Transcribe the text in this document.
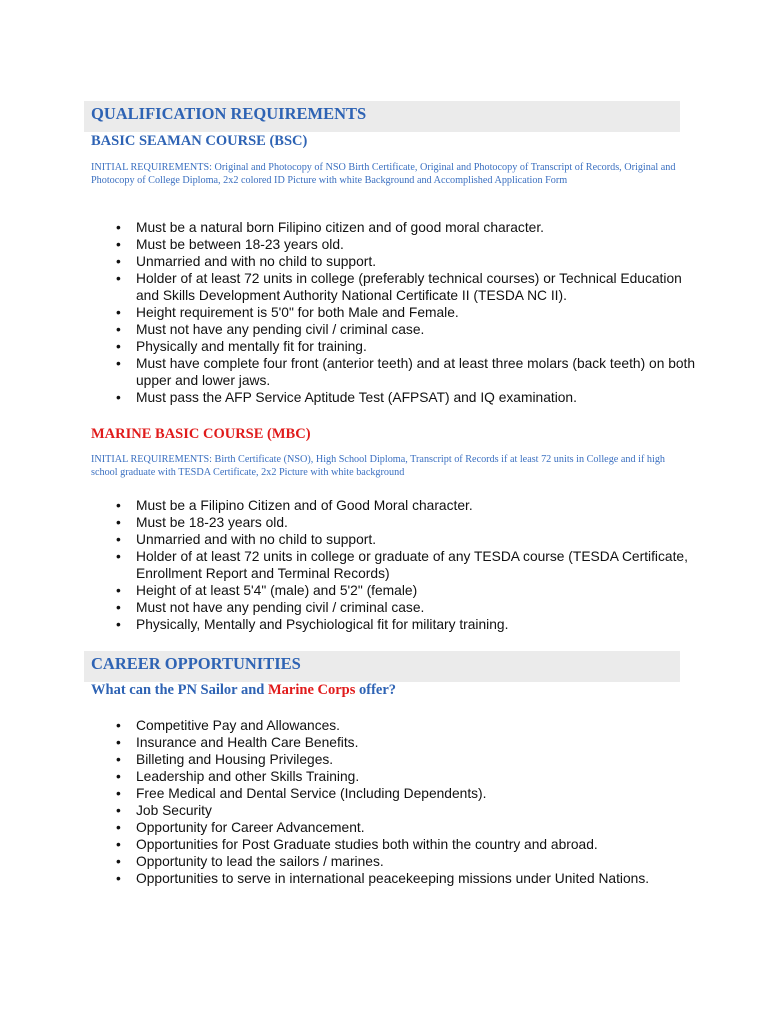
QUALIFICATION REQUIREMENTS
BASIC SEAMAN COURSE (BSC)
INITIAL REQUIREMENTS: Original and Photocopy of NSO Birth Certificate, Original and Photocopy of Transcript of Records, Original and Photocopy of College Diploma, 2x2 colored ID Picture with white Background and Accomplished Application Form
•	Must be a natural born Filipino citizen and of good moral character.
•	Must be between 18-23 years old.
•	Unmarried and with no child to support.
•	Holder of at least 72 units in college (preferably technical courses) or Technical Education and Skills Development Authority National Certificate II (TESDA NC II).
•	Height requirement is 5'0" for both Male and Female.
•	Must not have any pending civil / criminal case.
•	Physically and mentally fit for training.
•	Must have complete four front (anterior teeth) and at least three molars (back teeth) on both upper and lower jaws.
•	Must pass the AFP Service Aptitude Test (AFPSAT) and IQ examination.
MARINE BASIC COURSE (MBC)
INITIAL REQUIREMENTS: Birth Certificate (NSO), High School Diploma, Transcript of Records if at least 72 units in College and if high school graduate with TESDA Certificate, 2x2 Picture with white background
•	Must be a Filipino Citizen and of Good Moral character.
•	Must be 18-23 years old.
•	Unmarried and with no child to support.
•	Holder of at least 72 units in college or graduate of any TESDA course (TESDA Certificate, Enrollment Report and Terminal Records)
•	Height of at least 5'4" (male) and 5'2" (female)
•	Must not have any pending civil / criminal case.
•	Physically, Mentally and Psychiological fit for military training.
CAREER OPPORTUNITIES
What can the PN Sailor and Marine Corps offer?
•	Competitive Pay and Allowances.
•	Insurance and Health Care Benefits.
•	Billeting and Housing Privileges.
•	Leadership and other Skills Training.
•	Free Medical and Dental Service (Including Dependents).
•	Job Security
•	Opportunity for Career Advancement.
•	Opportunities for Post Graduate studies both within the country and abroad.
•	Opportunity to lead the sailors / marines.
•	Opportunities to serve in international peacekeeping missions under United Nations.
